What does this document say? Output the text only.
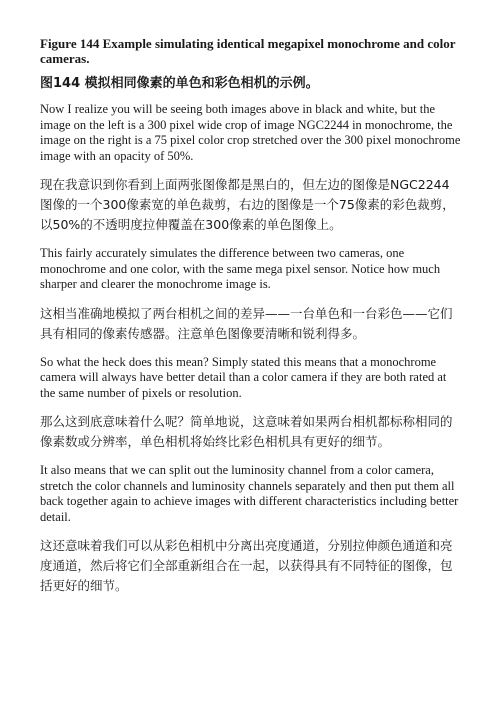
Figure 144 Example simulating identical megapixel monochrome and color cameras.
图144 模拟相同像素的单色和彩色相机的示例。
Now I realize you will be seeing both images above in black and white, but the image on the left is a 300 pixel wide crop of image NGC2244 in monochrome, the image on the right is a 75 pixel color crop stretched over the 300 pixel monochrome image with an opacity of 50%.
现在我意识到你看到上面两张图像都是黑白的，但左边的图像是NGC2244图像的一个300像素宽的单色裁剪，右边的图像是一个75像素的彩色裁剪，以50%的不透明度拉伸覆盖在300像素的单色图像上。
This fairly accurately simulates the difference between two cameras, one monochrome and one color, with the same mega pixel sensor. Notice how much sharper and clearer the monochrome image is.
这相当准确地模拟了两台相机之间的差异——一台单色和一台彩色——它们具有相同的像素传感器。注意单色图像要清晰和锐利得多。
So what the heck does this mean? Simply stated this means that a monochrome camera will always have better detail than a color camera if they are both rated at the same number of pixels or resolution.
那么这到底意味着什么呢？简单地说，这意味着如果两台相机都标称相同的像素数或分辨率，单色相机将始终比彩色相机具有更好的细节。
It also means that we can split out the luminosity channel from a color camera, stretch the color channels and luminosity channels separately and then put them all back together again to achieve images with different characteristics including better detail.
这还意味着我们可以从彩色相机中分离出亮度通道，分别拉伸颜色通道和亮度通道，然后将它们全部重新组合在一起，以获得具有不同特征的图像，包括更好的细节。
